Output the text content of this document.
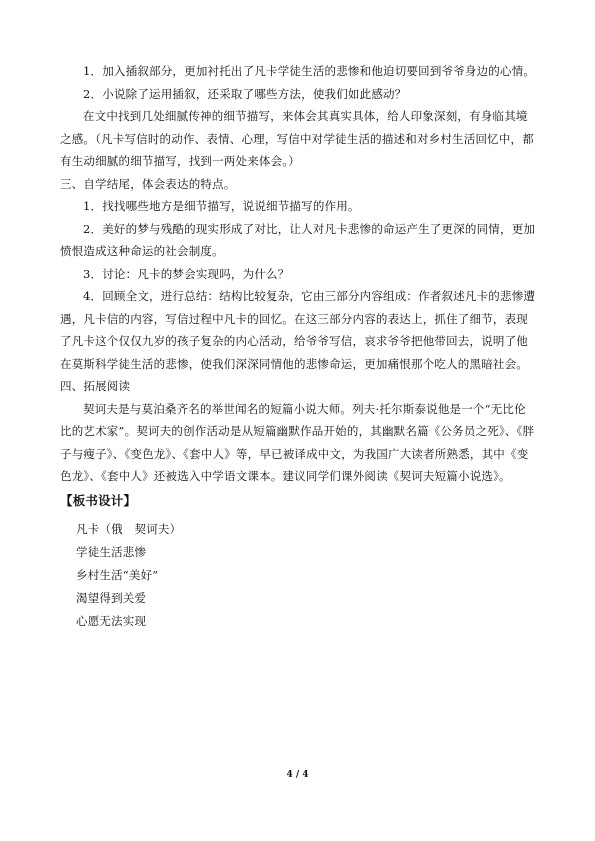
1．加入插叙部分，更加衬托出了凡卡学徒生活的悲惨和他迫切要回到爷爷身边的心情。

2．小说除了运用插叙，还采取了哪些方法，使我们如此感动？

在文中找到几处细腻传神的细节描写，来体会其真实具体，给人印象深刻，有身临其境之感。（凡卡写信时的动作、表情、心理，写信中对学徒生活的描述和对乡村生活回忆中，都有生动细腻的细节描写，找到一两处来体会。）

三、自学结尾，体会表达的特点。

1．找找哪些地方是细节描写，说说细节描写的作用。

2．美好的梦与残酷的现实形成了对比，让人对凡卡悲惨的命运产生了更深的同情，更加愤恨造成这种命运的社会制度。

3．讨论：凡卡的梦会实现吗，为什么？

4．回顾全文，进行总结：结构比较复杂，它由三部分内容组成：作者叙述凡卡的悲惨遭遇，凡卡信的内容，写信过程中凡卡的回忆。在这三部分内容的表达上，抓住了细节，表现了凡卡这个仅仅九岁的孩子复杂的内心活动，给爷爷写信，哀求爷爷把他带回去，说明了他在莫斯科学徒生活的悲惨，使我们深深同情他的悲惨命运，更加痛恨那个吃人的黑暗社会。

四、拓展阅读

契诃夫是与莫泊桑齐名的举世闻名的短篇小说大师。列夫·托尔斯泰说他是一个“无比伦比的艺术家”。契诃夫的创作活动是从短篇幽默作品开始的，其幽默名篇《公务员之死》、《胖子与瘦子》、《变色龙》、《套中人》等，早已被译成中文，为我国广大读者所熟悉，其中《变色龙》、《套中人》还被选入中学语文课本。建议同学们课外阅读《契诃夫短篇小说选》。

【板书设计】

凡卡（俄　契诃夫）

学徒生活悲惨

乡村生活“美好”

渴望得到关爱

心愿无法实现

4 / 4
